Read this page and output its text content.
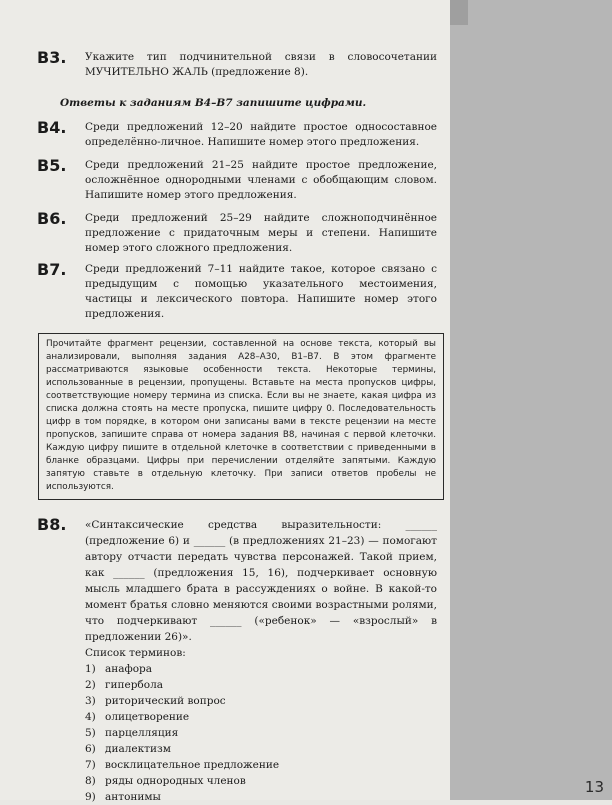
В3. Укажите тип подчинительной связи в словосочетании МУЧИТЕЛЬНО ЖАЛЬ (предложение 8).
Ответы к заданиям В4–В7 запишите цифрами.
В4. Среди предложений 12–20 найдите простое односоставное определённо-личное. Напишите номер этого предложения.
В5. Среди предложений 21–25 найдите простое предложение, осложнённое однородными членами с обобщающим словом. Напишите номер этого предложения.
В6. Среди предложений 25–29 найдите сложноподчинённое предложение с придаточным меры и степени. Напишите номер этого сложного предложения.
В7. Среди предложений 7–11 найдите такое, которое связано с предыдущим с помощью указательного местоимения, частицы и лексического повтора. Напишите номер этого предложения.
Прочитайте фрагмент рецензии, составленной на основе текста, который вы анализировали, выполняя задания А28–А30, В1–В7. В этом фрагменте рассматриваются языковые особенности текста. Некоторые термины, использованные в рецензии, пропущены. Вставьте на места пропусков цифры, соответствующие номеру термина из списка. Если вы не знаете, какая цифра из списка должна стоять на месте пропуска, пишите цифру 0. Последовательность цифр в том порядке, в котором они записаны вами в тексте рецензии на месте пропусков, запишите справа от номера задания В8, начиная с первой клеточки. Каждую цифру пишите в отдельной клеточке в соответствии с приведенными в бланке образцами. Цифры при перечислении отделяйте запятыми. Каждую запятую ставьте в отдельную клеточку. При записи ответов пробелы не используются.
В8. «Синтаксические средства выразительности: ______ (предложение 6) и ______ (в предложениях 21–23) — помогают автору отчасти передать чувства персонажей. Такой прием, как ______ (предложения 15, 16), подчеркивает основную мысль младшего брата в рассуждениях о войне. В какой-то момент братья словно меняются своими возрастными ролями, что подчеркивают ______ («ребенок» — «взрослый» в предложении 26)».
Список терминов:
1) анафора
2) гипербола
3) риторический вопрос
4) олицетворение
5) парцелляция
6) диалектизм
7) восклицательное предложение
8) ряды однородных членов
9) антонимы
13
